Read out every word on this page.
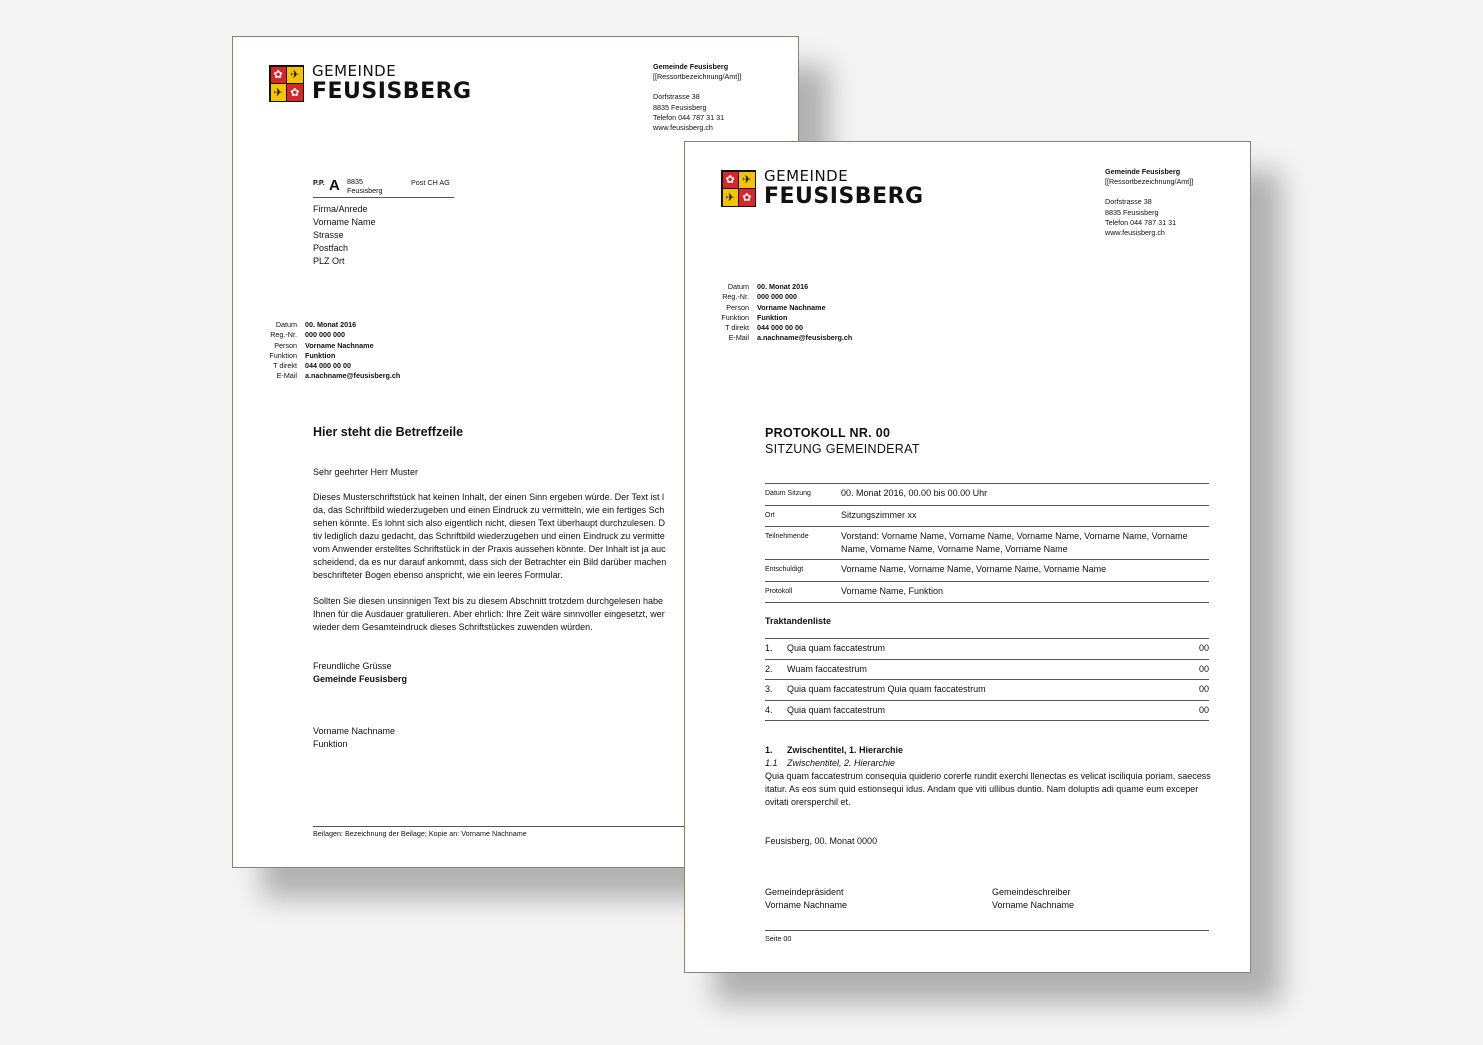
✿ ✈
✈ ✿
GEMEINDE
FEUSISBERG
Gemeinde Feusisberg
[[Ressortbezeichnung/Amt]]
Dorfstrasse 38
8835 Feusisberg
Telefon 044 787 31 31
www.feusisberg.ch
P.P. A 8835
Feusisberg
Post CH AG
Firma/Anrede
Vorname Name
Strasse
Postfach
PLZ Ort
Datum	00. Monat 2016
Reg.-Nr.	000 000 000
Person	Vorname Nachname
Funktion	Funktion
T direkt	044 000 00 00
E-Mail	a.nachname@feusisberg.ch
Hier steht die Betreffzeile
Sehr geehrter Herr Muster
Dieses Musterschriftstück hat keinen Inhalt, der einen Sinn ergeben würde. Der Text ist l
da, das Schriftbild wiederzugeben und einen Eindruck zu vermitteln, wie ein fertiges Sch
sehen könnte. Es lohnt sich also eigentlich nicht, diesen Text überhaupt durchzulesen. D
tiv lediglich dazu gedacht, das Schriftbild wiederzugeben und einen Eindruck zu vermitte
vom Anwender erstelltes Schriftstück in der Praxis aussehen könnte. Der Inhalt ist ja auc
scheidend, da es nur darauf ankommt, dass sich der Betrachter ein Bild darüber machen
beschrifteter Bogen ebenso anspricht, wie ein leeres Formular.
Sollten Sie diesen unsinnigen Text bis zu diesem Abschnitt trotzdem durchgelesen habe
Ihnen für die Ausdauer gratulieren. Aber ehrlich: Ihre Zeit wäre sinnvoller eingesetzt, wer
wieder dem Gesamteindruck dieses Schriftstückes zuwenden würden.
Freundliche Grüsse
Gemeinde Feusisberg
Vorname Nachname
Funktion
Beilagen: Bezeichnung der Beilage; Kopie an: Vorname Nachname
✿ ✈
✈ ✿
GEMEINDE
FEUSISBERG
Gemeinde Feusisberg
[[Ressortbezeichnung/Amt]]
Dorfstrasse 38
8835 Feusisberg
Telefon 044 787 31 31
www.feusisberg.ch
Datum	00. Monat 2016
Reg.-Nr.	000 000 000
Person	Vorname Nachname
Funktion	Funktion
T direkt	044 000 00 00
E-Mail	a.nachname@feusisberg.ch
PROTOKOLL NR. 00
SITZUNG GEMEINDERAT
Datum Sitzung	00. Monat 2016, 00.00 bis 00.00 Uhr
Ort	Sitzungszimmer xx
Teilnehmende	Vorstand: Vorname Name, Vorname Name, Vorname Name, Vorname Name, Vorname Name, Vorname Name, Vorname Name, Vorname Name
Entschuldigt	Vorname Name, Vorname Name, Vorname Name, Vorname Name
Protokoll	Vorname Name, Funktion
Traktandenliste
1.	Quia quam faccatestrum	00
2.	Wuam faccatestrum	00
3.	Quia quam faccatestrum Quia quam faccatestrum	00
4.	Quia quam faccatestrum	00
1.	Zwischentitel, 1. Hierarchie
1.1	Zwischentitel, 2. Hierarchie
Quia quam faccatestrum consequia quiderio corerfe rundit exerchi llenectas es velicat isciliquia poriam, saecess itatur. As eos sum quid estionsequi idus. Andam que viti ullibus duntio. Nam doluptis adi quame eum exceper ovitati orersperchil et.
Feusisberg, 00. Monat 0000
Gemeindepräsident
Vorname Nachname
Gemeindeschreiber
Vorname Nachname
Seite 00
